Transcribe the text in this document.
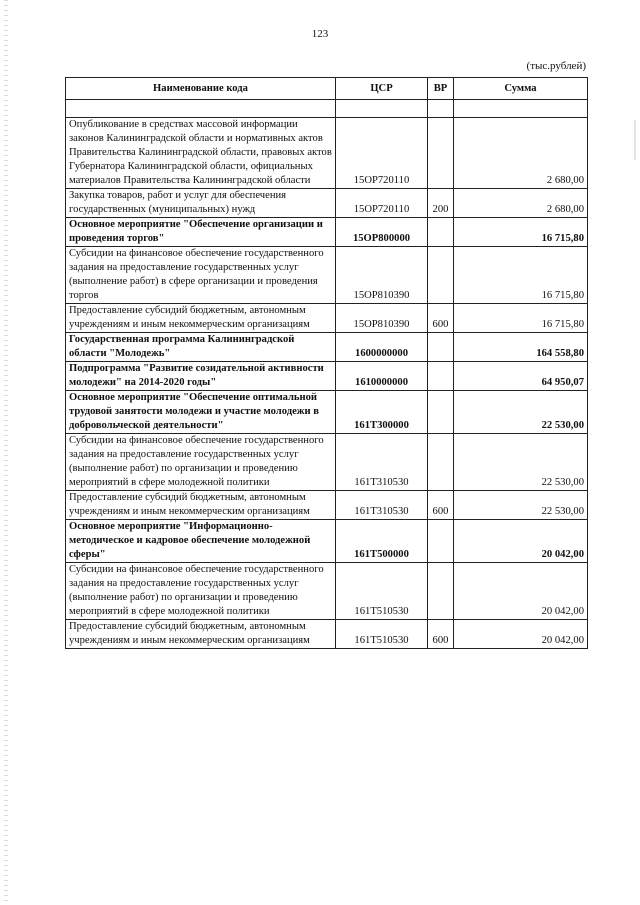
123
(тыс.рублей)
Наименование кода	ЦСР	ВР	Сумма

Опубликование в средствах массовой информации законов Калининградской области и нормативных актов Правительства Калининградской области, правовых актов Губернатора Калининградской области, официальных материалов Правительства Калининградской области	15ОР720110		2 680,00
Закупка товаров, работ и услуг для обеспечения государственных (муниципальных) нужд	15ОР720110	200	2 680,00
Основное мероприятие "Обеспечение организации и проведения торгов"	15ОР800000		16 715,80
Субсидии на финансовое обеспечение государственного задания на предоставление государственных услуг (выполнение работ) в сфере организации и проведения торгов	15ОР810390		16 715,80
Предоставление субсидий бюджетным, автономным учреждениям и иным некоммерческим организациям	15ОР810390	600	16 715,80
Государственная программа Калининградской области "Молодежь"	1600000000		164 558,80
Подпрограмма "Развитие созидательной активности молодежи" на 2014-2020 годы"	1610000000		64 950,07
Основное мероприятие "Обеспечение оптимальной трудовой занятости молодежи и участие молодежи в добровольческой деятельности"	161Т300000		22 530,00
Субсидии на финансовое обеспечение государственного задания на предоставление государственных услуг (выполнение работ) по организации и проведению мероприятий в сфере молодежной политики	161Т310530		22 530,00
Предоставление субсидий бюджетным, автономным учреждениям и иным некоммерческим организациям	161Т310530	600	22 530,00
Основное мероприятие "Информационно-методическое и кадровое обеспечение молодежной сферы"	161Т500000		20 042,00
Субсидии на финансовое обеспечение государственного задания на предоставление государственных услуг (выполнение работ) по организации и проведению мероприятий в сфере молодежной политики	161Т510530		20 042,00
Предоставление субсидий бюджетным, автономным учреждениям и иным некоммерческим организациям	161Т510530	600	20 042,00
